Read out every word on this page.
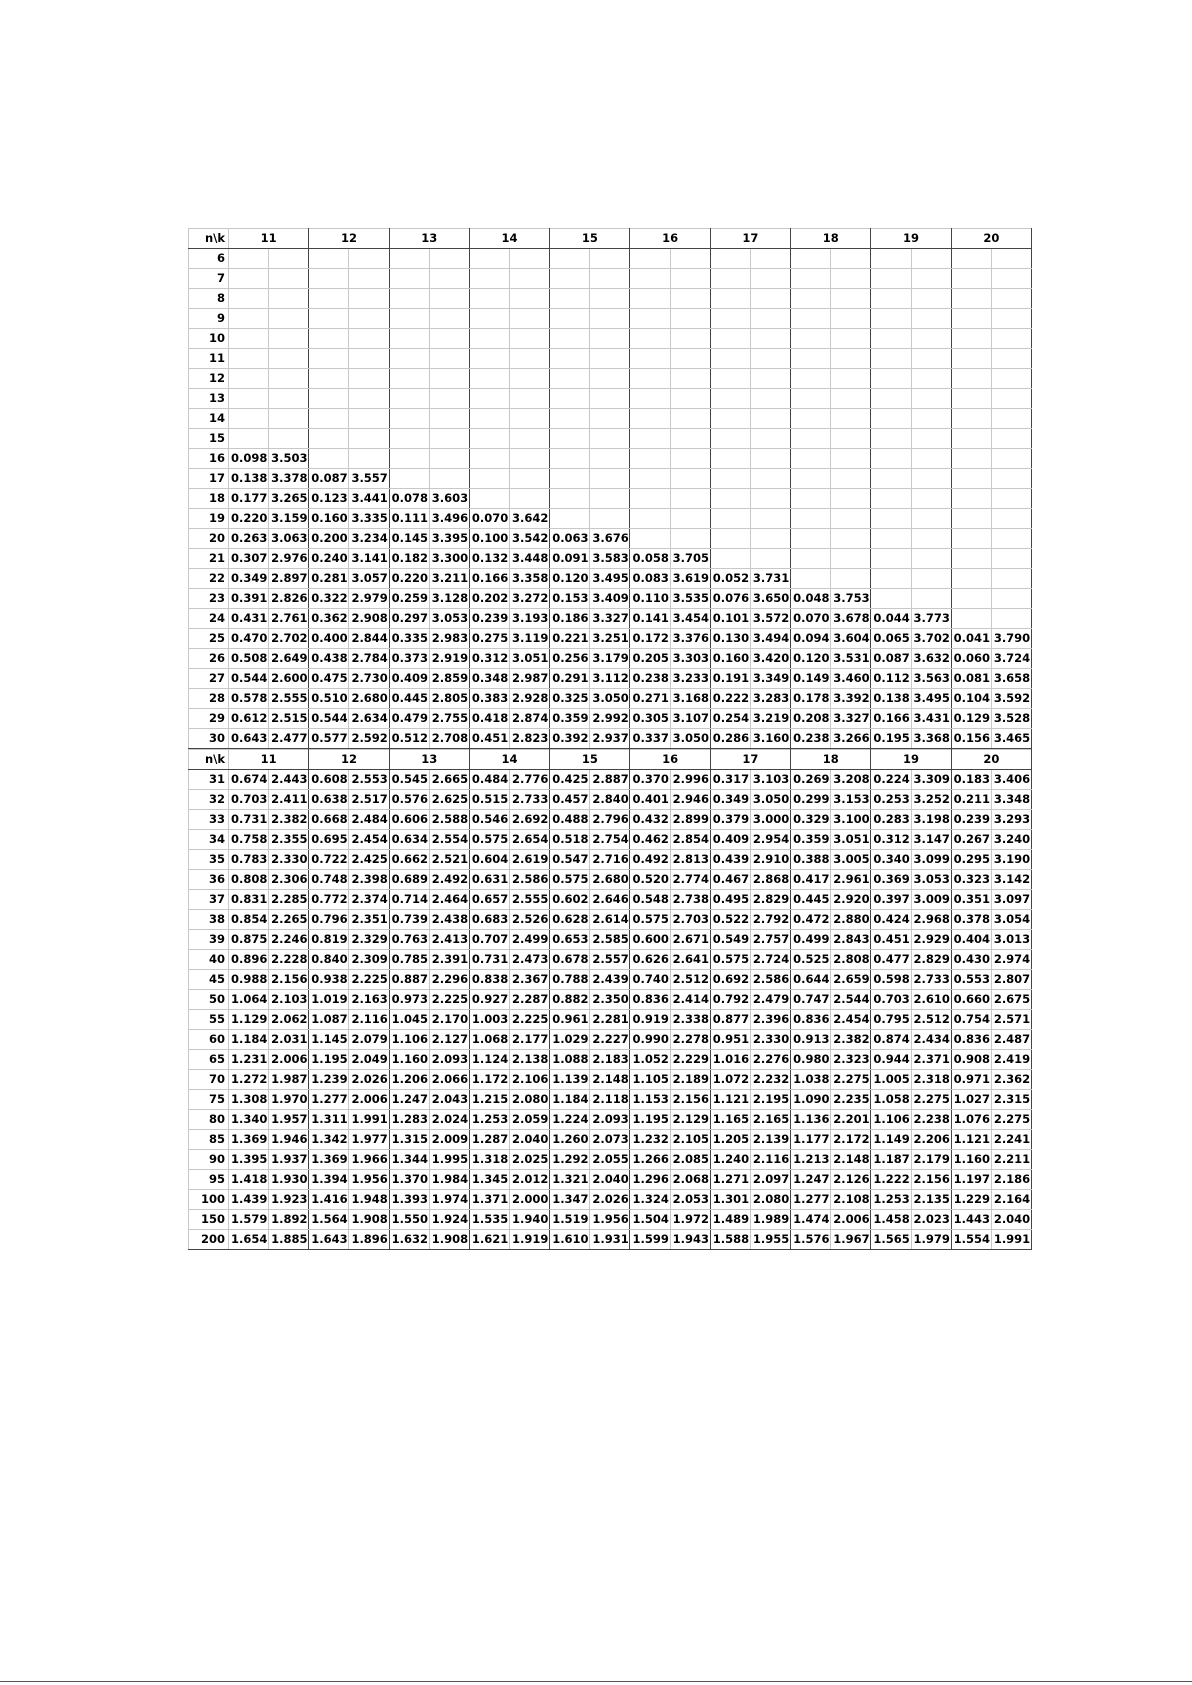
n\k	11		12		13		14		15		16		17		18		19		20	
6																				
7																				
8																				
9																				
10																				
11																				
12																				
13																				
14																				
15																				
16	0.098	3.503																		
17	0.138	3.378	0.087	3.557																
18	0.177	3.265	0.123	3.441	0.078	3.603														
19	0.220	3.159	0.160	3.335	0.111	3.496	0.070	3.642												
20	0.263	3.063	0.200	3.234	0.145	3.395	0.100	3.542	0.063	3.676										
21	0.307	2.976	0.240	3.141	0.182	3.300	0.132	3.448	0.091	3.583	0.058	3.705								
22	0.349	2.897	0.281	3.057	0.220	3.211	0.166	3.358	0.120	3.495	0.083	3.619	0.052	3.731						
23	0.391	2.826	0.322	2.979	0.259	3.128	0.202	3.272	0.153	3.409	0.110	3.535	0.076	3.650	0.048	3.753				
24	0.431	2.761	0.362	2.908	0.297	3.053	0.239	3.193	0.186	3.327	0.141	3.454	0.101	3.572	0.070	3.678	0.044	3.773		
25	0.470	2.702	0.400	2.844	0.335	2.983	0.275	3.119	0.221	3.251	0.172	3.376	0.130	3.494	0.094	3.604	0.065	3.702	0.041	3.790
26	0.508	2.649	0.438	2.784	0.373	2.919	0.312	3.051	0.256	3.179	0.205	3.303	0.160	3.420	0.120	3.531	0.087	3.632	0.060	3.724
27	0.544	2.600	0.475	2.730	0.409	2.859	0.348	2.987	0.291	3.112	0.238	3.233	0.191	3.349	0.149	3.460	0.112	3.563	0.081	3.658
28	0.578	2.555	0.510	2.680	0.445	2.805	0.383	2.928	0.325	3.050	0.271	3.168	0.222	3.283	0.178	3.392	0.138	3.495	0.104	3.592
29	0.612	2.515	0.544	2.634	0.479	2.755	0.418	2.874	0.359	2.992	0.305	3.107	0.254	3.219	0.208	3.327	0.166	3.431	0.129	3.528
30	0.643	2.477	0.577	2.592	0.512	2.708	0.451	2.823	0.392	2.937	0.337	3.050	0.286	3.160	0.238	3.266	0.195	3.368	0.156	3.465
n\k	11		12		13		14		15		16		17		18		19		20	
31	0.674	2.443	0.608	2.553	0.545	2.665	0.484	2.776	0.425	2.887	0.370	2.996	0.317	3.103	0.269	3.208	0.224	3.309	0.183	3.406
32	0.703	2.411	0.638	2.517	0.576	2.625	0.515	2.733	0.457	2.840	0.401	2.946	0.349	3.050	0.299	3.153	0.253	3.252	0.211	3.348
33	0.731	2.382	0.668	2.484	0.606	2.588	0.546	2.692	0.488	2.796	0.432	2.899	0.379	3.000	0.329	3.100	0.283	3.198	0.239	3.293
34	0.758	2.355	0.695	2.454	0.634	2.554	0.575	2.654	0.518	2.754	0.462	2.854	0.409	2.954	0.359	3.051	0.312	3.147	0.267	3.240
35	0.783	2.330	0.722	2.425	0.662	2.521	0.604	2.619	0.547	2.716	0.492	2.813	0.439	2.910	0.388	3.005	0.340	3.099	0.295	3.190
36	0.808	2.306	0.748	2.398	0.689	2.492	0.631	2.586	0.575	2.680	0.520	2.774	0.467	2.868	0.417	2.961	0.369	3.053	0.323	3.142
37	0.831	2.285	0.772	2.374	0.714	2.464	0.657	2.555	0.602	2.646	0.548	2.738	0.495	2.829	0.445	2.920	0.397	3.009	0.351	3.097
38	0.854	2.265	0.796	2.351	0.739	2.438	0.683	2.526	0.628	2.614	0.575	2.703	0.522	2.792	0.472	2.880	0.424	2.968	0.378	3.054
39	0.875	2.246	0.819	2.329	0.763	2.413	0.707	2.499	0.653	2.585	0.600	2.671	0.549	2.757	0.499	2.843	0.451	2.929	0.404	3.013
40	0.896	2.228	0.840	2.309	0.785	2.391	0.731	2.473	0.678	2.557	0.626	2.641	0.575	2.724	0.525	2.808	0.477	2.829	0.430	2.974
45	0.988	2.156	0.938	2.225	0.887	2.296	0.838	2.367	0.788	2.439	0.740	2.512	0.692	2.586	0.644	2.659	0.598	2.733	0.553	2.807
50	1.064	2.103	1.019	2.163	0.973	2.225	0.927	2.287	0.882	2.350	0.836	2.414	0.792	2.479	0.747	2.544	0.703	2.610	0.660	2.675
55	1.129	2.062	1.087	2.116	1.045	2.170	1.003	2.225	0.961	2.281	0.919	2.338	0.877	2.396	0.836	2.454	0.795	2.512	0.754	2.571
60	1.184	2.031	1.145	2.079	1.106	2.127	1.068	2.177	1.029	2.227	0.990	2.278	0.951	2.330	0.913	2.382	0.874	2.434	0.836	2.487
65	1.231	2.006	1.195	2.049	1.160	2.093	1.124	2.138	1.088	2.183	1.052	2.229	1.016	2.276	0.980	2.323	0.944	2.371	0.908	2.419
70	1.272	1.987	1.239	2.026	1.206	2.066	1.172	2.106	1.139	2.148	1.105	2.189	1.072	2.232	1.038	2.275	1.005	2.318	0.971	2.362
75	1.308	1.970	1.277	2.006	1.247	2.043	1.215	2.080	1.184	2.118	1.153	2.156	1.121	2.195	1.090	2.235	1.058	2.275	1.027	2.315
80	1.340	1.957	1.311	1.991	1.283	2.024	1.253	2.059	1.224	2.093	1.195	2.129	1.165	2.165	1.136	2.201	1.106	2.238	1.076	2.275
85	1.369	1.946	1.342	1.977	1.315	2.009	1.287	2.040	1.260	2.073	1.232	2.105	1.205	2.139	1.177	2.172	1.149	2.206	1.121	2.241
90	1.395	1.937	1.369	1.966	1.344	1.995	1.318	2.025	1.292	2.055	1.266	2.085	1.240	2.116	1.213	2.148	1.187	2.179	1.160	2.211
95	1.418	1.930	1.394	1.956	1.370	1.984	1.345	2.012	1.321	2.040	1.296	2.068	1.271	2.097	1.247	2.126	1.222	2.156	1.197	2.186
100	1.439	1.923	1.416	1.948	1.393	1.974	1.371	2.000	1.347	2.026	1.324	2.053	1.301	2.080	1.277	2.108	1.253	2.135	1.229	2.164
150	1.579	1.892	1.564	1.908	1.550	1.924	1.535	1.940	1.519	1.956	1.504	1.972	1.489	1.989	1.474	2.006	1.458	2.023	1.443	2.040
200	1.654	1.885	1.643	1.896	1.632	1.908	1.621	1.919	1.610	1.931	1.599	1.943	1.588	1.955	1.576	1.967	1.565	1.979	1.554	1.991
